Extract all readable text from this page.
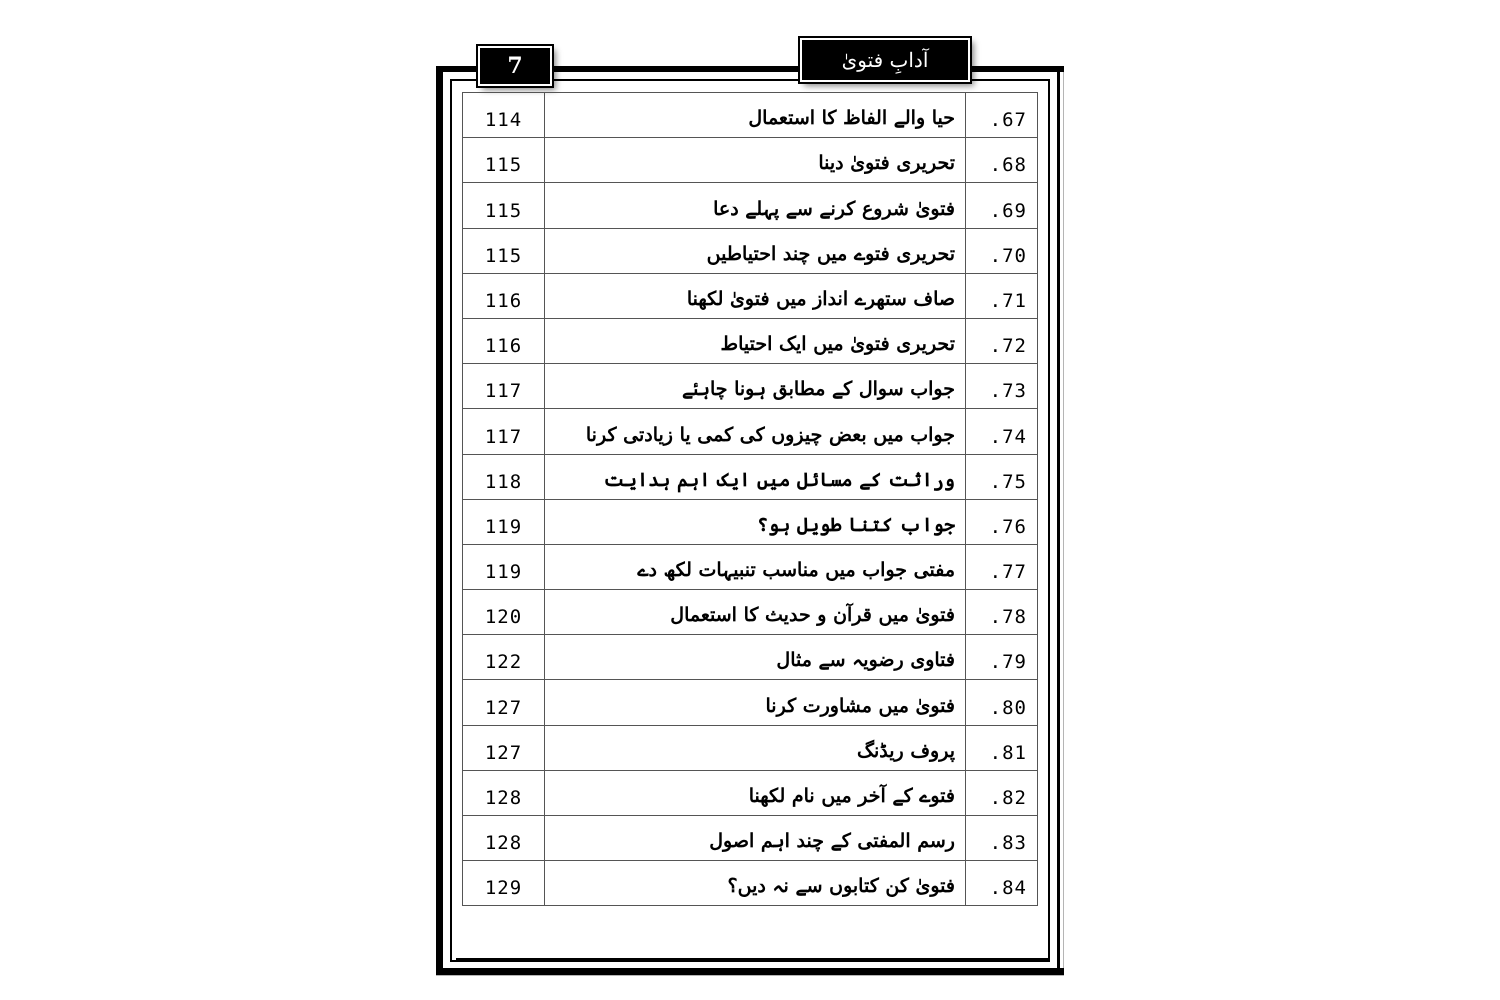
7	آدابِ فتویٰ
114	حیا والے الفاظ کا استعمال	.67
115	تحریری فتویٰ دینا	.68
115	فتویٰ شروع کرنے سے پہلے دعا	.69
115	تحریری فتوے میں چند احتیاطیں	.70
116	صاف ستھرے انداز میں فتویٰ لکھنا	.71
116	تحریری فتویٰ میں ایک احتیاط	.72
117	جواب سوال کے مطابق ہونا چاہئے	.73
117	جواب میں بعض چیزوں کی کمی یا زیادتی کرنا	.74
118	وراثت کے مسائل میں ایک اہم ہدایت	.75
119	جواب کتنا طویل ہو؟	.76
119	مفتی جواب میں مناسب تنبیہات لکھ دے	.77
120	فتویٰ میں قرآن و حدیث کا استعمال	.78
122	فتاوی رضویہ سے مثال	.79
127	فتویٰ میں مشاورت کرنا	.80
127	پروف ریڈنگ	.81
128	فتوے کے آخر میں نام لکھنا	.82
128	رسم المفتی کے چند اہم اصول	.83
129	فتویٰ کن کتابوں سے نہ دیں؟	.84
